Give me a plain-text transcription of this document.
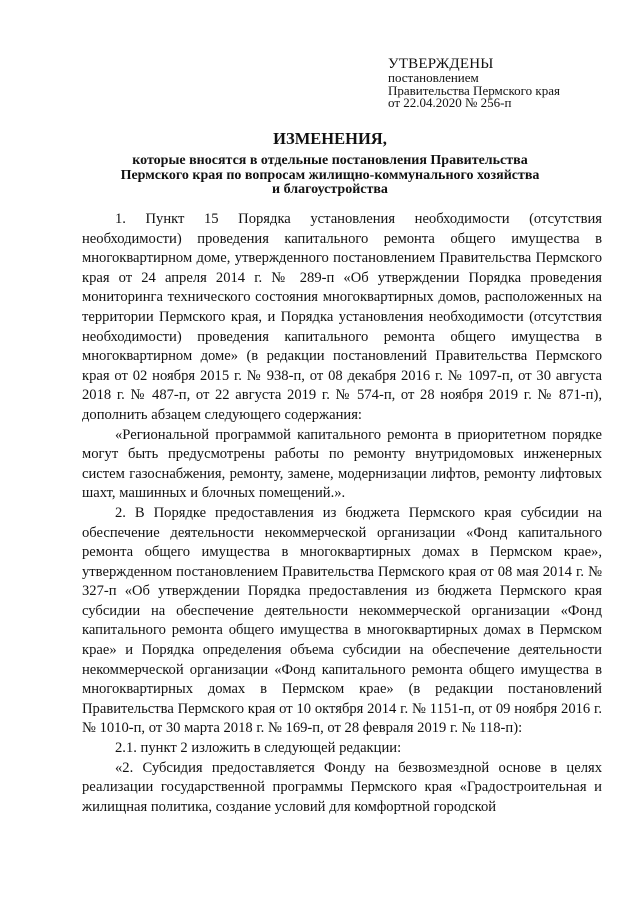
УТВЕРЖДЕНЫ
постановлением
Правительства Пермского края
от 22.04.2020 № 256-п
ИЗМЕНЕНИЯ,
которые вносятся в отдельные постановления Правительства
Пермского края по вопросам жилищно-коммунального хозяйства
и благоустройства

1. Пункт 15 Порядка установления необходимости (отсутствия необходимости) проведения капитального ремонта общего имущества в многоквартирном доме, утвержденного постановлением Правительства Пермского края от 24 апреля 2014 г. № 289-п «Об утверждении Порядка проведения мониторинга технического состояния многоквартирных домов, расположенных на территории Пермского края, и Порядка установления необходимости (отсутствия необходимости) проведения капитального ремонта общего имущества в многоквартирном доме» (в редакции постановлений Правительства Пермского края от 02 ноября 2015 г. № 938-п, от 08 декабря 2016 г. № 1097-п, от 30 августа 2018 г. № 487-п, от 22 августа 2019 г. № 574-п, от 28 ноября 2019 г. № 871-п), дополнить абзацем следующего содержания:

«Региональной программой капитального ремонта в приоритетном порядке могут быть предусмотрены работы по ремонту внутридомовых инженерных систем газоснабжения, ремонту, замене, модернизации лифтов, ремонту лифтовых шахт, машинных и блочных помещений.».

2. В Порядке предоставления из бюджета Пермского края субсидии на обеспечение деятельности некоммерческой организации «Фонд капитального ремонта общего имущества в многоквартирных домах в Пермском крае», утвержденном постановлением Правительства Пермского края от 08 мая 2014 г. № 327-п «Об утверждении Порядка предоставления из бюджета Пермского края субсидии на обеспечение деятельности некоммерческой организации «Фонд капитального ремонта общего имущества в многоквартирных домах в Пермском крае» и Порядка определения объема субсидии на обеспечение деятельности некоммерческой организации «Фонд капитального ремонта общего имущества в многоквартирных домах в Пермском крае» (в редакции постановлений Правительства Пермского края от 10 октября 2014 г. № 1151-п, от 09 ноября 2016 г. № 1010-п, от 30 марта 2018 г. № 169-п, от 28 февраля 2019 г. № 118-п):

2.1. пункт 2 изложить в следующей редакции:

«2. Субсидия предоставляется Фонду на безвозмездной основе в целях реализации государственной программы Пермского края «Градостроительная и жилищная политика, создание условий для комфортной городской
